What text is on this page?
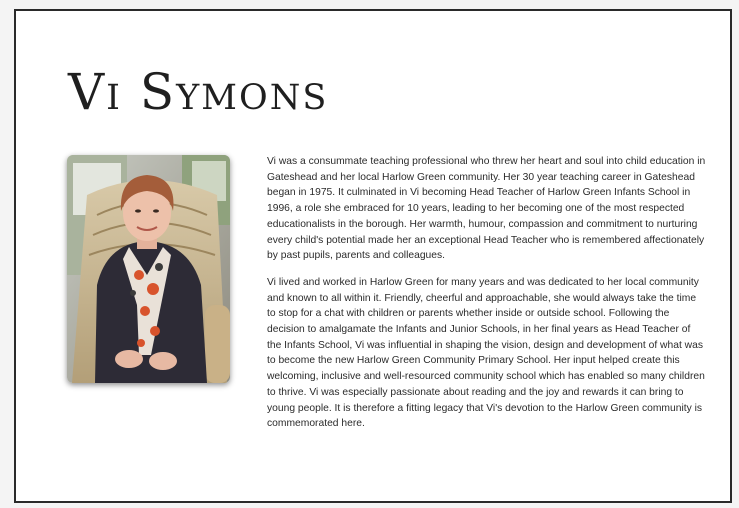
Vi Symons

Vi was a consummate teaching professional who threw her heart and soul into child education in Gateshead and her local Harlow Green community. Her 30 year teaching career in Gateshead began in 1975. It culminated in Vi becoming Head Teacher of Harlow Green Infants School in 1996, a role she embraced for 10 years, leading to her becoming one of the most respected educationalists in the borough. Her warmth, humour, compassion and commitment to nurturing every child's potential made her an exceptional Head Teacher who is remembered affectionately by past pupils, parents and colleagues.

Vi lived and worked in Harlow Green for many years and was dedicated to her local community and known to all within it. Friendly, cheerful and approachable, she would always take the time to stop for a chat with children or parents whether inside or outside school. Following the decision to amalgamate the Infants and Junior Schools, in her final years as Head Teacher of the Infants School, Vi was influential in shaping the vision, design and development of what was to become the new Harlow Green Community Primary School. Her input helped create this welcoming, inclusive and well-resourced community school which has enabled so many children to thrive. Vi was especially passionate about reading and the joy and rewards it can bring to young people. It is therefore a fitting legacy that Vi's devotion to the Harlow Green community is commemorated here.
